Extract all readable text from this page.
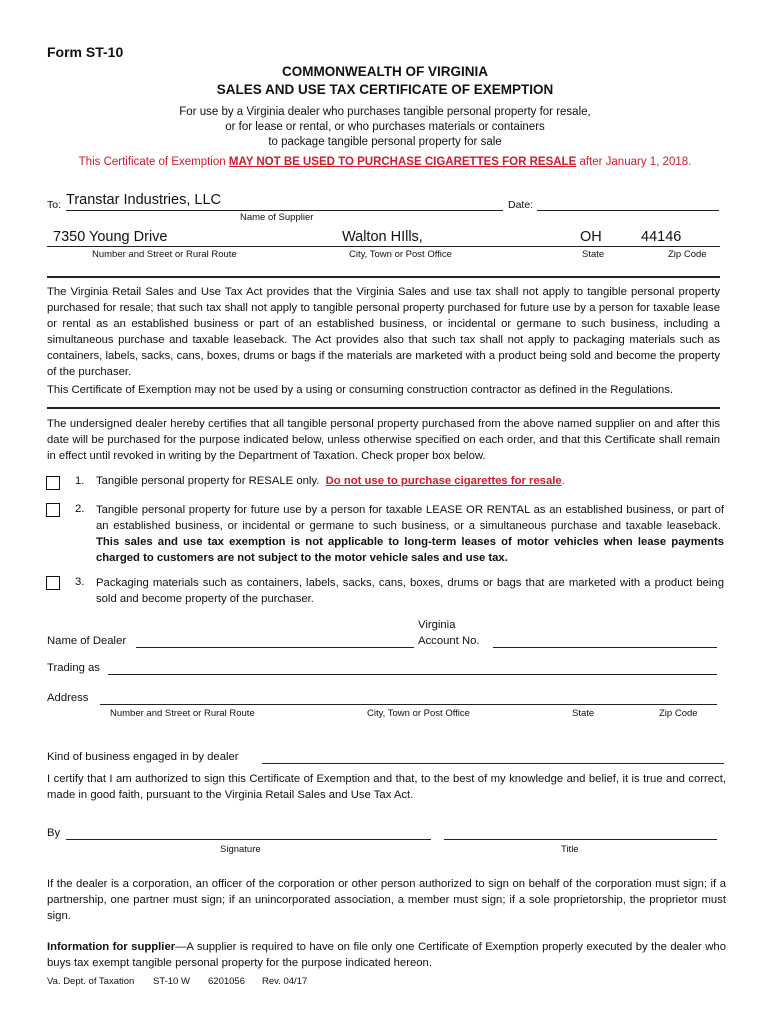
Form ST-10
COMMONWEALTH OF VIRGINIA
SALES AND USE TAX CERTIFICATE OF EXEMPTION
For use by a Virginia dealer who purchases tangible personal property for resale,
or for lease or rental, or who purchases materials or containers
to package tangible personal property for sale
This Certificate of Exemption MAY NOT BE USED TO PURCHASE CIGARETTES FOR RESALE after January 1, 2018.
To: Transtar Industries, LLC	Date:
Name of Supplier
7350 Young Drive	Walton HIlls,	OH	44146
Number and Street or Rural Route	City, Town or Post Office	State	Zip Code
The Virginia Retail Sales and Use Tax Act provides that the Virginia Sales and use tax shall not apply to tangible personal property purchased for resale; that such tax shall not apply to tangible personal property purchased for future use by a person for taxable lease or rental as an established business or part of an established business, or incidental or germane to such business, including a simultaneous purchase and taxable leaseback. The Act provides also that such tax shall not apply to packaging materials such as containers, labels, sacks, cans, boxes, drums or bags if the materials are marketed with a product being sold and become the property of the purchaser.
This Certificate of Exemption may not be used by a using or consuming construction contractor as defined in the Regulations.
The undersigned dealer hereby certifies that all tangible personal property purchased from the above named supplier on and after this date will be purchased for the purpose indicated below, unless otherwise specified on each order, and that this Certificate shall remain in effect until revoked in writing by the Department of Taxation. Check proper box below.
1. Tangible personal property for RESALE only. Do not use to purchase cigarettes for resale.
2. Tangible personal property for future use by a person for taxable LEASE OR RENTAL as an established business, or part of an established business, or incidental or germane to such business, or a simultaneous purchase and taxable leaseback.  This sales and use tax exemption is not applicable to long-term leases of motor vehicles when lease payments charged to customers are not subject to the motor vehicle sales and use tax.
3. Packaging materials such as containers, labels, sacks, cans, boxes, drums or bags that are marketed with a product being sold and become property of the purchaser.
Virginia
Name of Dealer	Account No.
Trading as
Address
Number and Street or Rural Route	City, Town or Post Office	State	Zip Code
Kind of business engaged in by dealer
I certify that I am authorized to sign this Certificate of Exemption and that, to the best of my knowledge and belief, it is true and correct, made in good faith, pursuant to the Virginia Retail Sales and Use Tax Act.
By
Signature	Title
If the dealer is a corporation, an officer of the corporation or other person authorized to sign on behalf of the corporation must sign; if a partnership, one partner must sign; if an unincorporated association, a member must sign; if a sole proprietorship, the proprietor must sign.
Information for supplier—A supplier is required to have on file only one Certificate of Exemption properly executed by the dealer who buys tax exempt tangible personal property for the purpose indicated hereon.
Va. Dept. of Taxation ST-10 W 6201056 Rev. 04/17
